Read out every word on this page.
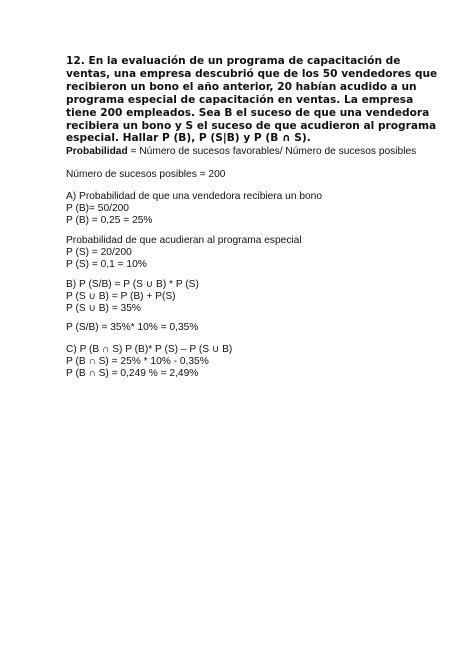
12. En la evaluación de un programa de capacitación de
ventas, una empresa descubrió que de los 50 vendedores que
recibieron un bono el año anterior, 20 habían acudido a un
programa especial de capacitación en ventas. La empresa
tiene 200 empleados. Sea B el suceso de que una vendedora
recibiera un bono y S el suceso de que acudieron al programa
especial. Hallar P (B), P (S|B) y P (B ∩ S).
Probabilidad = Número de sucesos favorables/ Número de sucesos posibles
Número de sucesos posibles = 200
A) Probabilidad de que una vendedora recibiera un bono
P (B)= 50/200
P (B) = 0,25 = 25%
Probabilidad de que acudieran al programa especial
P (S) = 20/200
P (S) = 0,1 = 10%
B) P (S/B) = P (S ∪ B) * P (S)
P (S ∪ B) = P (B) + P(S)
P (S ∪ B) = 35%
P (S/B) = 35%* 10% = 0,35%
C) P (B ∩ S) P (B)* P (S) – P (S ∪ B)
P (B ∩ S) = 25% * 10% - 0,35%
P (B ∩ S) = 0,249 % = 2,49%
